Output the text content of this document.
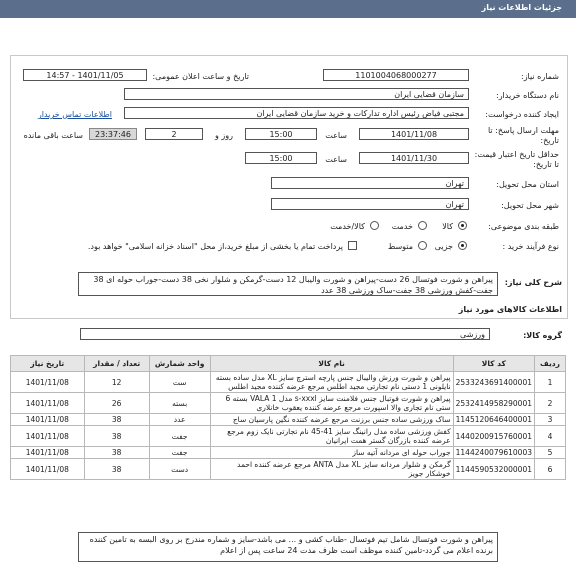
جزئیات اطلاعات نیاز
شماره نیاز:
1101004068000277
تاریخ و ساعت اعلان عمومی:
1401/11/05 - 14:57
نام دستگاه خریدار:
سازمان قضایی ایران
ایجاد کننده درخواست:
مجتبی فیاض رئیس اداره تدارکات و خرید سازمان قضایی ایران
اطلاعات تماس خریدار
مهلت ارسال پاسخ: تا تاریخ:
1401/11/08
ساعت
15:00
روز و
2
23:37:46
ساعت باقی مانده
حداقل تاریخ اعتبار قیمت: تا تاریخ:
1401/11/30
ساعت
15:00
استان محل تحویل:
تهران
شهر محل تحویل:
تهران
طبقه بندی موضوعی:
کالا
خدمت
کالا/خدمت
نوع فرآیند خرید :
جزیی
متوسط
پرداخت تمام یا بخشی از مبلغ خرید،از محل "اسناد خزانه اسلامی" خواهد بود.
شرح کلی نیاز:
پیراهن و شورت فوتسال 26 دست-پیراهن و شورت والیبال 12 دست-گرمکن و شلوار نخی 38 دست-جوراب حوله ای 38 جفت-کفش ورزشی 38 جفت-ساک ورزشی 38 عدد
اطلاعات کالاهای مورد نیاز
گروه کالا:
ورزشی
ردیف	کد کالا	نام کالا	واحد شمارش	تعداد / مقدار	تاریخ نیاز
1	2533243691400001	پیراهن و شورت ورزش والیبال جنس پارچه استرچ سایز XL مدل ساده بسته نایلونی 1 دستی نام تجارتی مجید اطلس مرجع عرضه کننده مجید اطلس	ست	12	1401/11/08
2	2532414958290001	پیراهن و شورت فوتبال جنس فلامنت سایز s-xxxl مدل VALA 1 بسته 6 ستی نام تجاری والا اسپورت مرجع عرضه کننده یعقوب خانلاری	بسته	26	1401/11/08
3	1145120646400001	ساک ورزشی ساده جنس برزنت مرجع عرضه کننده نگین پارسیان ساج	عدد	38	1401/11/08
4	1440200915760001	کفش ورزشی ساده مدل رانینگ سایز 41-45 نام تجارتی نایک زوم مرجع عرضه کننده بازرگان گستر همت ایرانیان	جفت	38	1401/11/08
5	1144240079610003	جوراب حوله ای مردانه آتیه ساز	جفت	38	1401/11/08
6	1144590532000001	گرمکن و شلوار مردانه سایز XL مدل ANTA مرجع عرضه کننده احمد خوشکار جویز	دست	38	1401/11/08
پیراهن و شورت فوتسال شامل تیم فوتسال -طناب کشی و ... می باشد-سایز و شماره مندرج بر روی البسه به تامین کننده برنده اعلام می گردد-تامین کننده موظف است ظرف مدت 24 ساعت پس از اعلام
